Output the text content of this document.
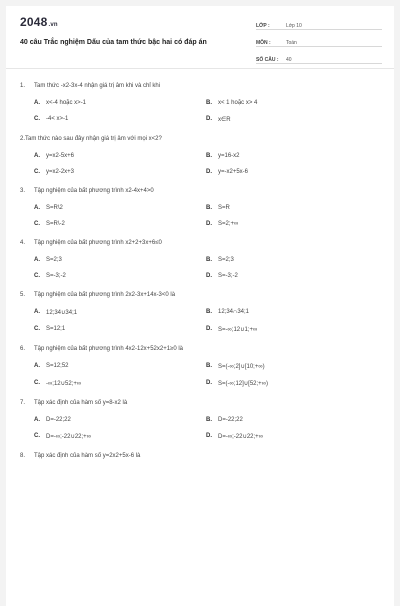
2048.vn
40 câu Trắc nghiệm Dấu của tam thức bậc hai có đáp án
LỚP :	Lớp 10
MÔN :	Toán
SỐ CÂU :	40
1.	Tam thức -x2-3x-4 nhận giá trị âm khi và chỉ khi
A.	x<-4 hoặc x>-1	B.	x< 1 hoặc x> 4
C.	-4< x>-1	D.	x∈R
2.Tam thức nào sau đây nhận giá trị âm với mọi x<2?
A.	y=x2-5x+6	B.	y=16-x2
C.	y=x2-2x+3	D.	y=-x2+5x-6
3.	Tập nghiệm của bất phương trình x2-4x+4>0
A.	S=R\2	B.	S=R
C.	S=R\-2	D.	S=2;+∞
4.	Tập nghiệm của bất phương trình x2+2+3x+6≤0
A.	S=2;3	B.	S=2;3
C.	S=-3;-2	D.	S=-3;-2
5.	Tập nghiệm của bất phương trình 2x2-3x+14x-3<0 là
A.	12;34∪34;1	B.	12;34∩34;1
C.	S=12;1	D.	S=-∞;12∪1;+∞
6.	Tập nghiệm của bất phương trình 4x2-12x+52x2+1≥0 là
A.	S=12;52	B.	S=(-∞;2]∪[10;+∞)
C.	-∞;12∪52;+∞	D.	S=(-∞;12]∪[52;+∞)
7.	Tập xác định của hàm số y=8-x2 là
A.	D=-22;22	B.	D=-22;22
C.	D=-∞;-22∪22;+∞	D.	D=-∞;-22∪22;+∞
8.	Tập xác định của hàm số y=2x2+5x-6 là
